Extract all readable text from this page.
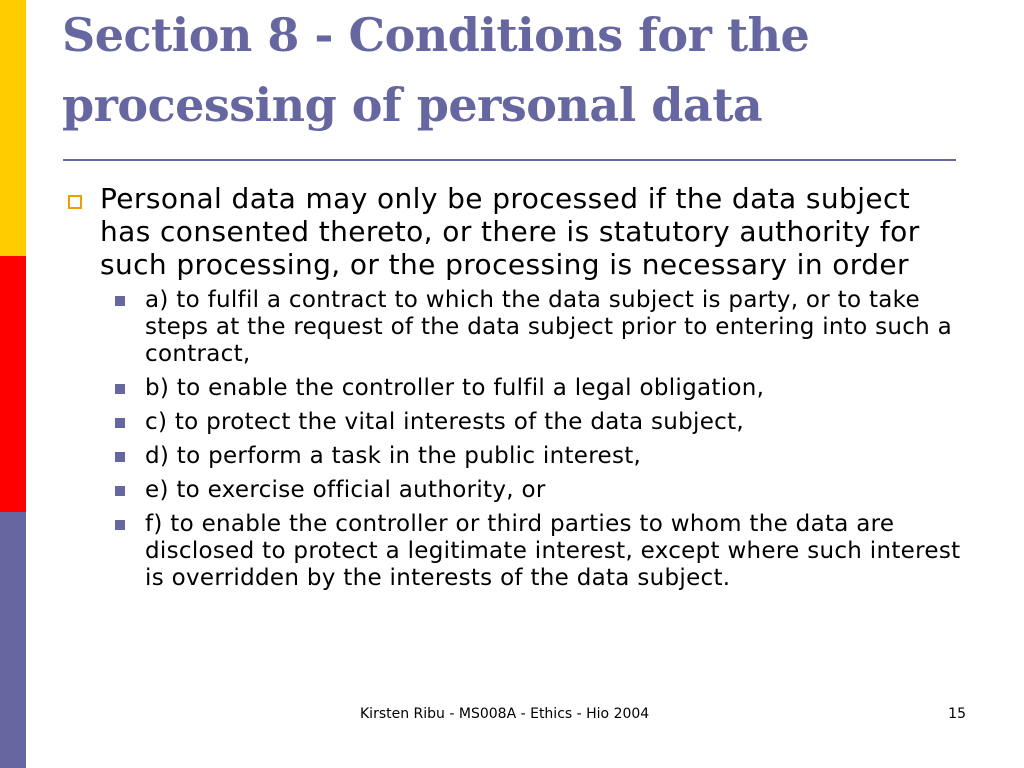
Section 8 - Conditions for the
processing of personal data
Personal data may only be processed if the data subject has consented thereto, or there is statutory authority for such processing, or the processing is necessary in order
a) to fulfil a contract to which the data subject is party, or to take steps at the request of the data subject prior to entering into such a contract,
b) to enable the controller to fulfil a legal obligation,
c) to protect the vital interests of the data subject,
d) to perform a task in the public interest,
e) to exercise official authority, or
f) to enable the controller or third parties to whom the data are disclosed to protect a legitimate interest, except where such interest is overridden by the interests of the data subject.
Kirsten Ribu - MS008A - Ethics - Hio 2004	15
